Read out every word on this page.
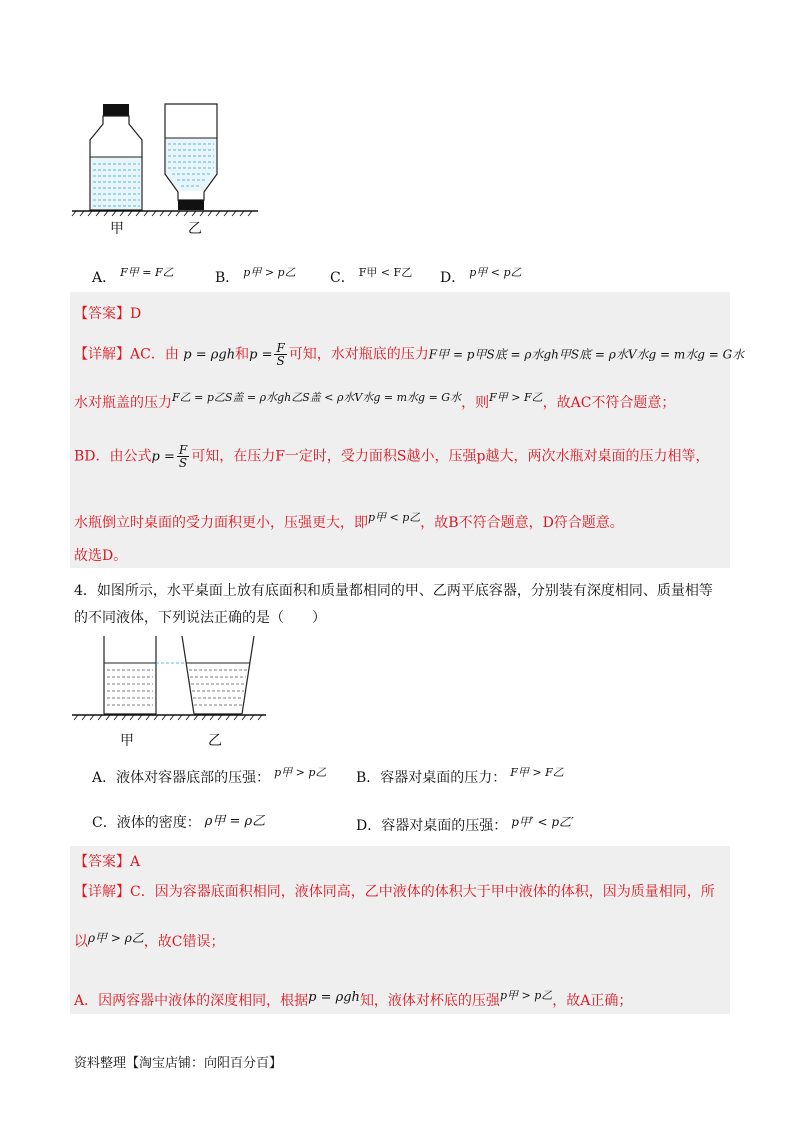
甲	乙
A． $^{F甲 = F乙}$	B． $^{p甲 > p乙}$ C． $^{F甲 < F乙}$ D． $^{p甲 < p乙}$
【答案】D
【详解】AC．由 p = ρgh和$p = \frac{F}{S}$ 可知，水对瓶底的压力F甲 = p甲S底 = ρ水gh甲S底 = ρ水V水g = m水g = G水
水对瓶盖的压力$^{F乙 = p乙S盖 = \rho 水gh乙S盖 < \rho 水V水g = m水g = G水}$，则$^{F甲 > F乙}$，故AC不符合题意；
BD．由公式$p = \frac{F}{S}$ 可知，在压力F一定时，受力面积S越小，压强p越大，两次水瓶对桌面的压力相等，
水瓶倒立时桌面的受力面积更小，压强更大，即$^{p甲 < p乙}$，故B不符合题意，D符合题意。
故选D。
4．如图所示，水平桌面上放有底面积和质量都相同的甲、乙两平底容器，分别装有深度相同、质量相等
的不同液体，下列说法正确的是（　　）
甲	乙
A．液体对容器底部的压强： $^{p甲 > p乙}$ B．容器对桌面的压力： $^{F甲 > F乙}$
C．液体的密度： ρ甲 = ρ乙	D．容器对桌面的压强： p甲′ < p乙′
【答案】A
【详解】C．因为容器底面积相同，液体同高，乙中液体的体积大于甲中液体的体积，因为质量相同，所
以ρ甲 > ρ乙，故C错误；
A．因两容器中液体的深度相同，根据p = ρgh知，液体对杯底的压强$^{p甲 > p乙}$，故A正确；
资料整理【淘宝店铺：向阳百分百】
